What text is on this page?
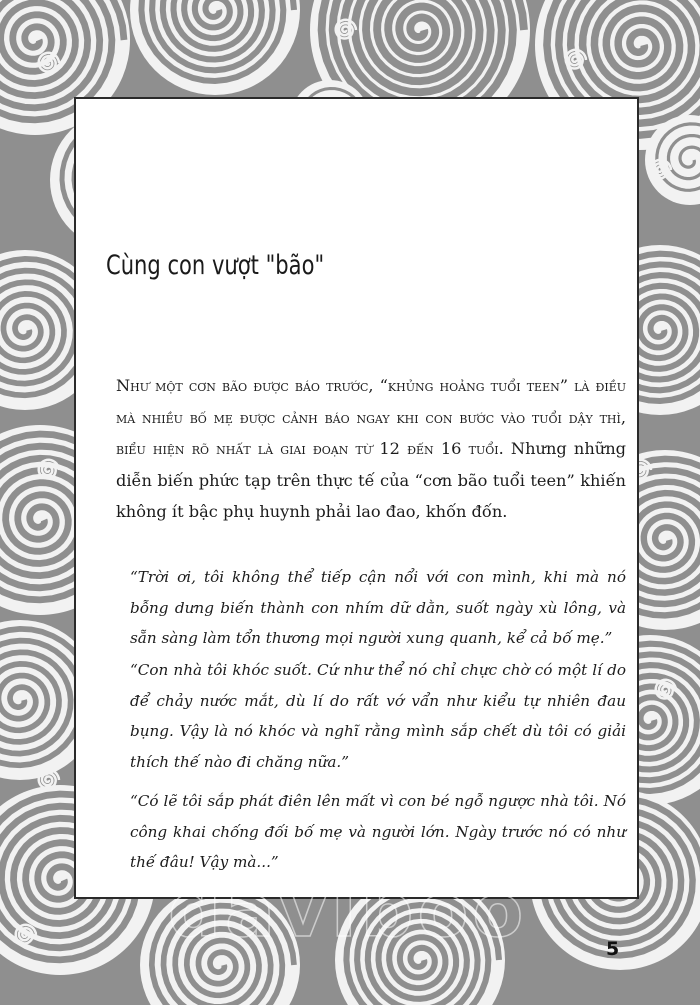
daviboo
Cùng con vượt "bão"

Như một cơn bão được báo trước, “khủng hoảng tuổi teen” là điều mà nhiều bố mẹ được cảnh báo ngay khi con bước vào tuổi dậy thì, biểu hiện rõ nhất là giai đoạn từ 12 đến 16 tuổi. Nhưng những diễn biến phức tạp trên thực tế của “cơn bão tuổi teen” khiến không ít bậc phụ huynh phải lao đao, khốn đốn.

“Trời ơi, tôi không thể tiếp cận nổi với con mình, khi mà nó bỗng dưng biến thành con nhím dữ dằn, suốt ngày xù lông, và sẵn sàng làm tổn thương mọi người xung quanh, kể cả bố mẹ.”

“Con nhà tôi khóc suốt. Cứ như thể nó chỉ chực chờ có một lí do để chảy nước mắt, dù lí do rất vớ vẩn như kiểu tự nhiên đau bụng. Vậy là nó khóc và nghĩ rằng mình sắp chết dù tôi có giải thích thế nào đi chăng nữa.”

“Có lẽ tôi sắp phát điên lên mất vì con bé ngỗ ngược nhà tôi. Nó công khai chống đối bố mẹ và người lớn. Ngày trước nó có như thế đâu! Vậy mà...”

5
